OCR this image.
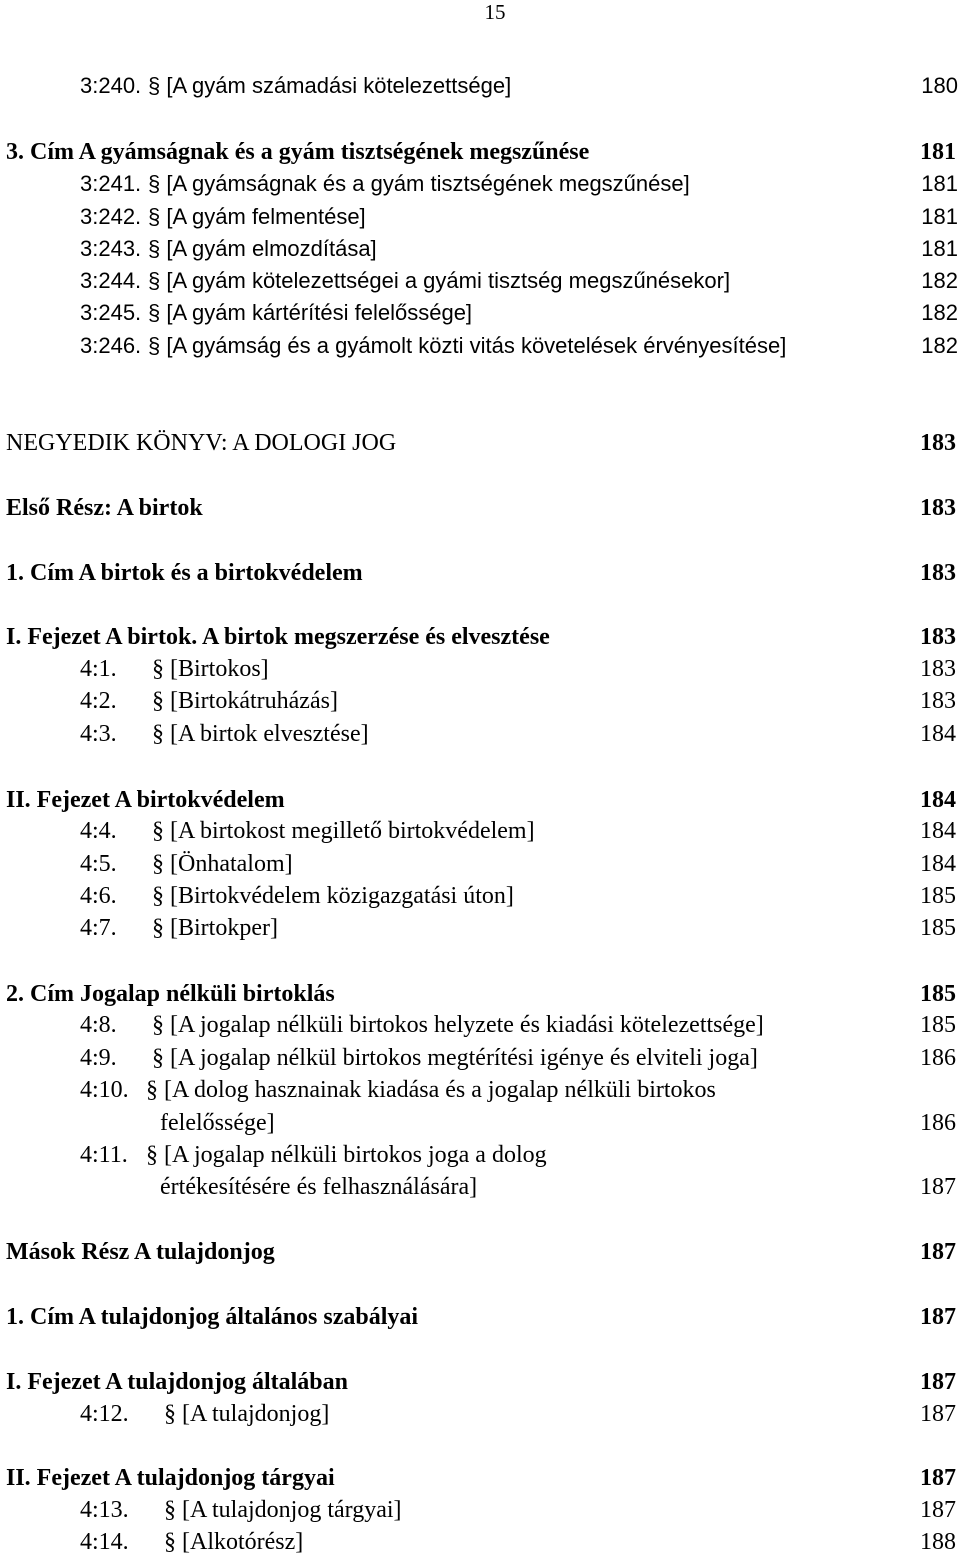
15
3:240. § [A gyám számadási kötelezettsége]	180
3. Cím A gyámságnak és a gyám tisztségének megszűnése	181
3:241. § [A gyámságnak és a gyám tisztségének megszűnése]	181
3:242. § [A gyám felmentése]	181
3:243. § [A gyám elmozdítása]	181
3:244. § [A gyám kötelezettségei a gyámi tisztség megszűnésekor]	182
3:245. § [A gyám kártérítési felelőssége]	182
3:246. § [A gyámság és a gyámolt közti vitás követelések érvényesítése]	182
NEGYEDIK KÖNYV: A DOLOGI JOG	183
Első Rész: A birtok	183
1. Cím A birtok és a birtokvédelem	183
I. Fejezet A birtok. A birtok megszerzése és elvesztése	183
4:1. § [Birtokos]	183
4:2. § [Birtokátruházás]	183
4:3. § [A birtok elvesztése]	184
II. Fejezet A birtokvédelem	184
4:4. § [A birtokost megillető birtokvédelem]	184
4:5. § [Önhatalom]	184
4:6. § [Birtokvédelem közigazgatási úton]	185
4:7. § [Birtokper]	185
2. Cím Jogalap nélküli birtoklás	185
4:8. § [A jogalap nélküli birtokos helyzete és kiadási kötelezettsége]	185
4:9. § [A jogalap nélkül birtokos megtérítési igénye és elviteli joga]	186
4:10. § [A dolog hasznainak kiadása és a jogalap nélküli birtokos
felelőssége]	186
4:11. § [A jogalap nélküli birtokos joga a dolog
értékesítésére és felhasználására]	187
Mások Rész A tulajdonjog	187
1. Cím A tulajdonjog általános szabályai	187
I. Fejezet A tulajdonjog általában	187
4:12. § [A tulajdonjog]	187
II. Fejezet A tulajdonjog tárgyai	187
4:13. § [A tulajdonjog tárgyai]	187
4:14. § [Alkotórész]	188
